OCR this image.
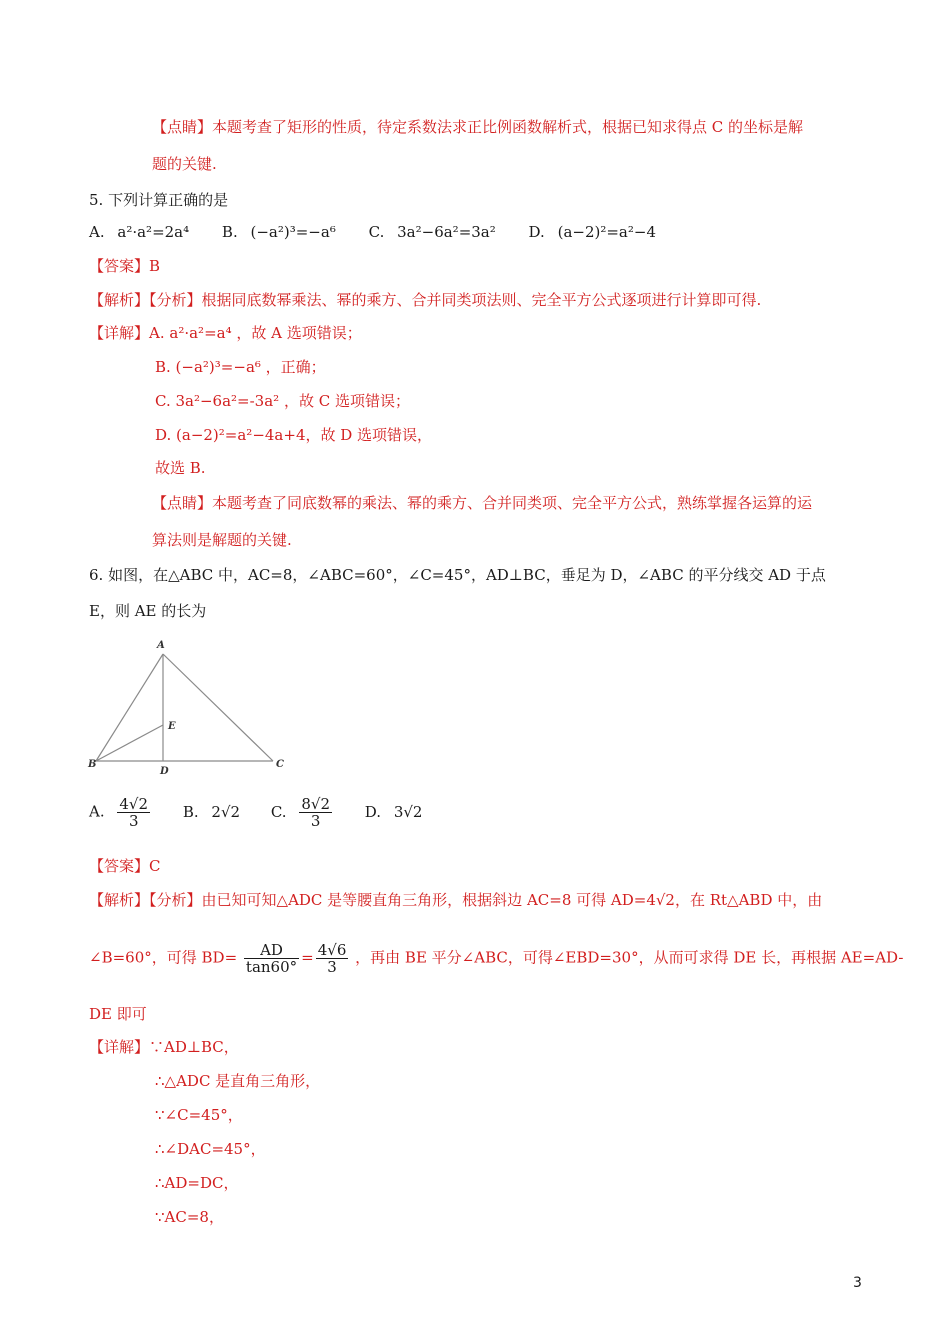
【点睛】本题考查了矩形的性质，待定系数法求正比例函数解析式，根据已知求得点 C 的坐标是解
题的关键.
5. 下列计算正确的是
A. a²·a²=2a⁴ B. (−a²)³=−a⁶ C. 3a²−6a²=3a² D. (a−2)²=a²−4
【答案】B
【解析】【分析】根据同底数幂乘法、幂的乘方、合并同类项法则、完全平方公式逐项进行计算即可得.
【详解】A. a²·a²=a⁴ ，故 A 选项错误；
B. (−a²)³=−a⁶ ，正确；
C. 3a²−6a²=-3a² ，故 C 选项错误；
D. (a−2)²=a²−4a+4，故 D 选项错误，
故选 B.
【点睛】本题考查了同底数幂的乘法、幂的乘方、合并同类项、完全平方公式，熟练掌握各运算的运
算法则是解题的关键.
6. 如图，在△ABC 中，AC=8，∠ABC=60°，∠C=45°，AD⊥BC，垂足为 D，∠ABC 的平分线交 AD 于点
E，则 AE 的长为
A
B	C
D
E
A. $\frac{4√2}{3} B$. 2√2 C. $\frac{8√2}{3} D$. 3√2
【答案】C
【解析】【分析】由已知可知△ADC 是等腰直角三角形，根据斜边 AC=8 可得 AD=4√2，在 Rt△ABD 中，由
∠B=60°，可得 $BD= \frac{AD}{\tan 60^\circ} = \frac{4√6}{3}$ ，再由 BE 平分∠ABC，可得∠EBD=30°，从而可求得 DE 长，再根据 AE=AD-
DE 即可
【详解】∵AD⊥BC，
∴△ADC 是直角三角形，
∵∠C=45°，
∴∠DAC=45°，
∴AD=DC，
∵AC=8，
3
